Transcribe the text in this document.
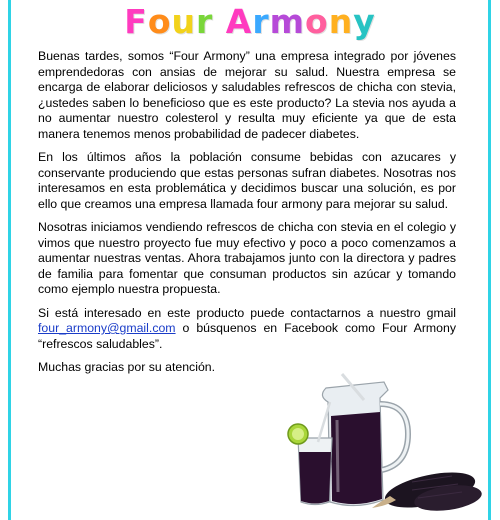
Four Armony

Buenas tardes, somos “Four Armony” una empresa integrado por jóvenes emprendedoras con ansias de mejorar su salud. Nuestra empresa se encarga de elaborar deliciosos y saludables refrescos de chicha con stevia, ¿ustedes saben lo beneficioso que es este producto? La stevia nos ayuda a no aumentar nuestro colesterol y resulta muy eficiente ya que de esta manera tenemos menos probabilidad de padecer diabetes.

En los últimos años la población consume bebidas con azucares y conservante produciendo que estas personas sufran diabetes. Nosotras nos interesamos en esta problemática y decidimos buscar una solución, es por ello que creamos una empresa llamada four armony para mejorar su salud.

Nosotras iniciamos vendiendo refrescos de chicha con stevia en el colegio y vimos que nuestro proyecto fue muy efectivo y poco a poco comenzamos a aumentar nuestras ventas. Ahora trabajamos junto con la directora y padres de familia para fomentar que consuman productos sin azúcar y tomando como ejemplo nuestra propuesta.

Si está interesado en este producto puede contactarnos a nuestro gmail four_armony@gmail.com o búsquenos en Facebook como Four Armony “refrescos saludables”.

Muchas gracias por su atención.
